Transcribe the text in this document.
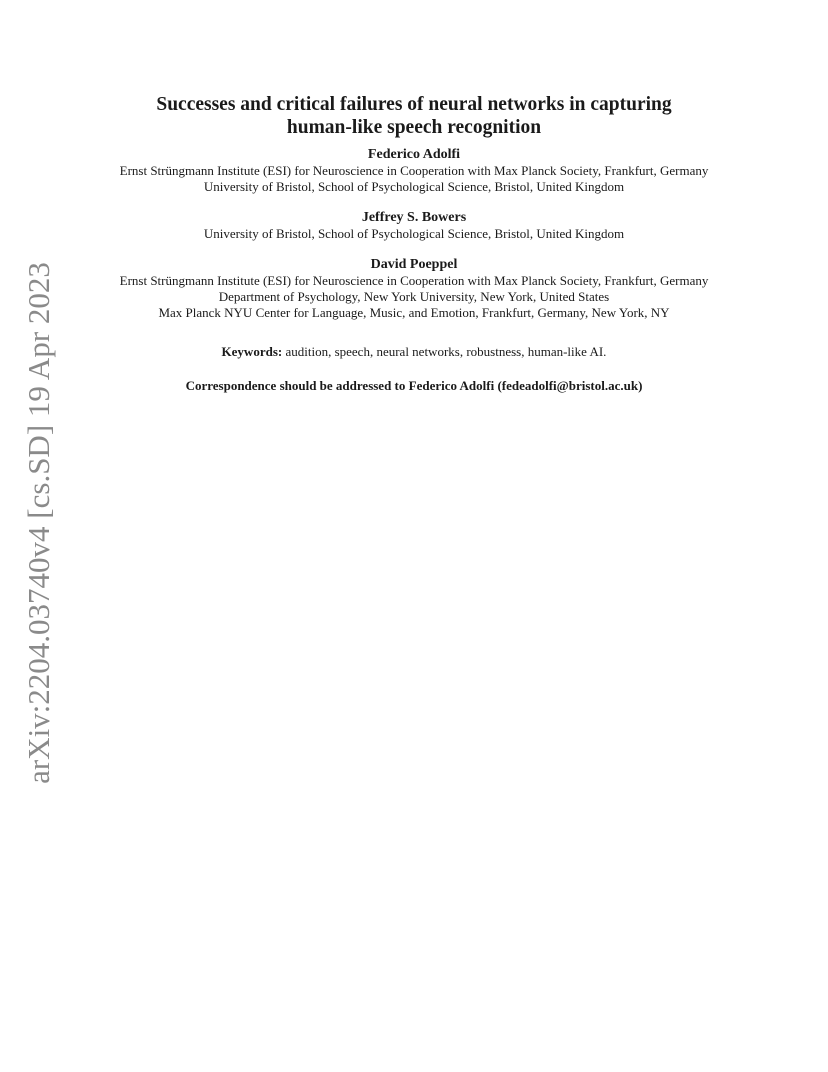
arXiv:2204.03740v4 [cs.SD] 19 Apr 2023
Successes and critical failures of neural networks in capturing
human-like speech recognition

Federico Adolfi

Ernst Strüngmann Institute (ESI) for Neuroscience in Cooperation with Max Planck Society, Frankfurt, Germany

University of Bristol, School of Psychological Science, Bristol, United Kingdom

Jeffrey S. Bowers

University of Bristol, School of Psychological Science, Bristol, United Kingdom

David Poeppel

Ernst Strüngmann Institute (ESI) for Neuroscience in Cooperation with Max Planck Society, Frankfurt, Germany

Department of Psychology, New York University, New York, United States

Max Planck NYU Center for Language, Music, and Emotion, Frankfurt, Germany, New York, NY

Keywords: audition, speech, neural networks, robustness, human-like AI.

Correspondence should be addressed to Federico Adolfi (fedeadolfi@bristol.ac.uk)
